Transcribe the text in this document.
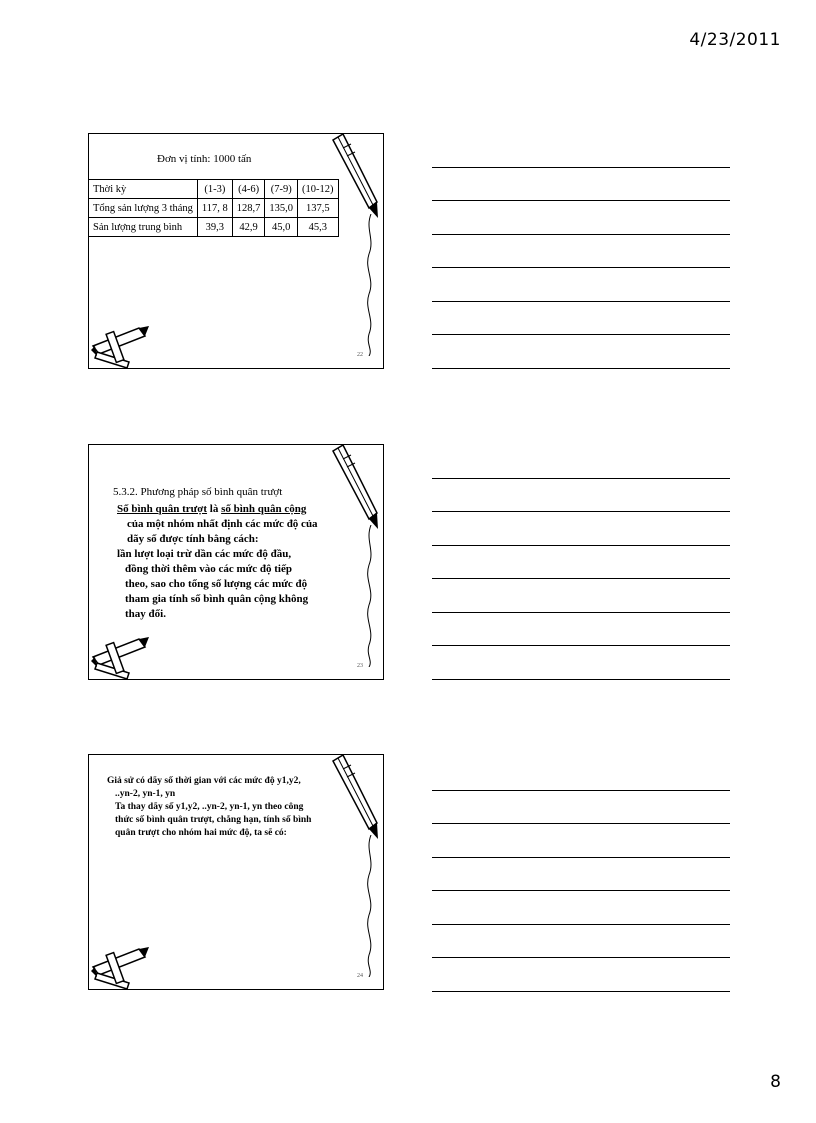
4/23/2011
Đơn vị tính: 1000 tấn
Thời kỳ	(1-3)	(4-6)	(7-9)	(10-12)
Tổng sản lượng 3 tháng	117, 8	128,7	135,0	137,5
Sản lượng trung bình	39,3	42,9	45,0	45,3
22
5.3.2. Phương pháp số bình quân trượt
Số bình quân trượt là số bình quân cộng
của một nhóm nhất định các mức độ của
dãy số được tính bằng cách:
lần lượt loại trừ dần các mức độ đầu,
đồng thời thêm vào các mức độ tiếp
theo, sao cho tổng số lượng các mức độ
tham gia tính số bình quân cộng không
thay đổi.
23
Giả sử có dãy số thời gian với các mức độ y1,y2,
..yn-2, yn-1, yn
Ta thay dãy số y1,y2, ..yn-2, yn-1, yn theo công
thức số bình quân trượt, chẳng hạn, tính số bình
quân trượt cho nhóm hai mức độ, ta sẽ có:
24
8
